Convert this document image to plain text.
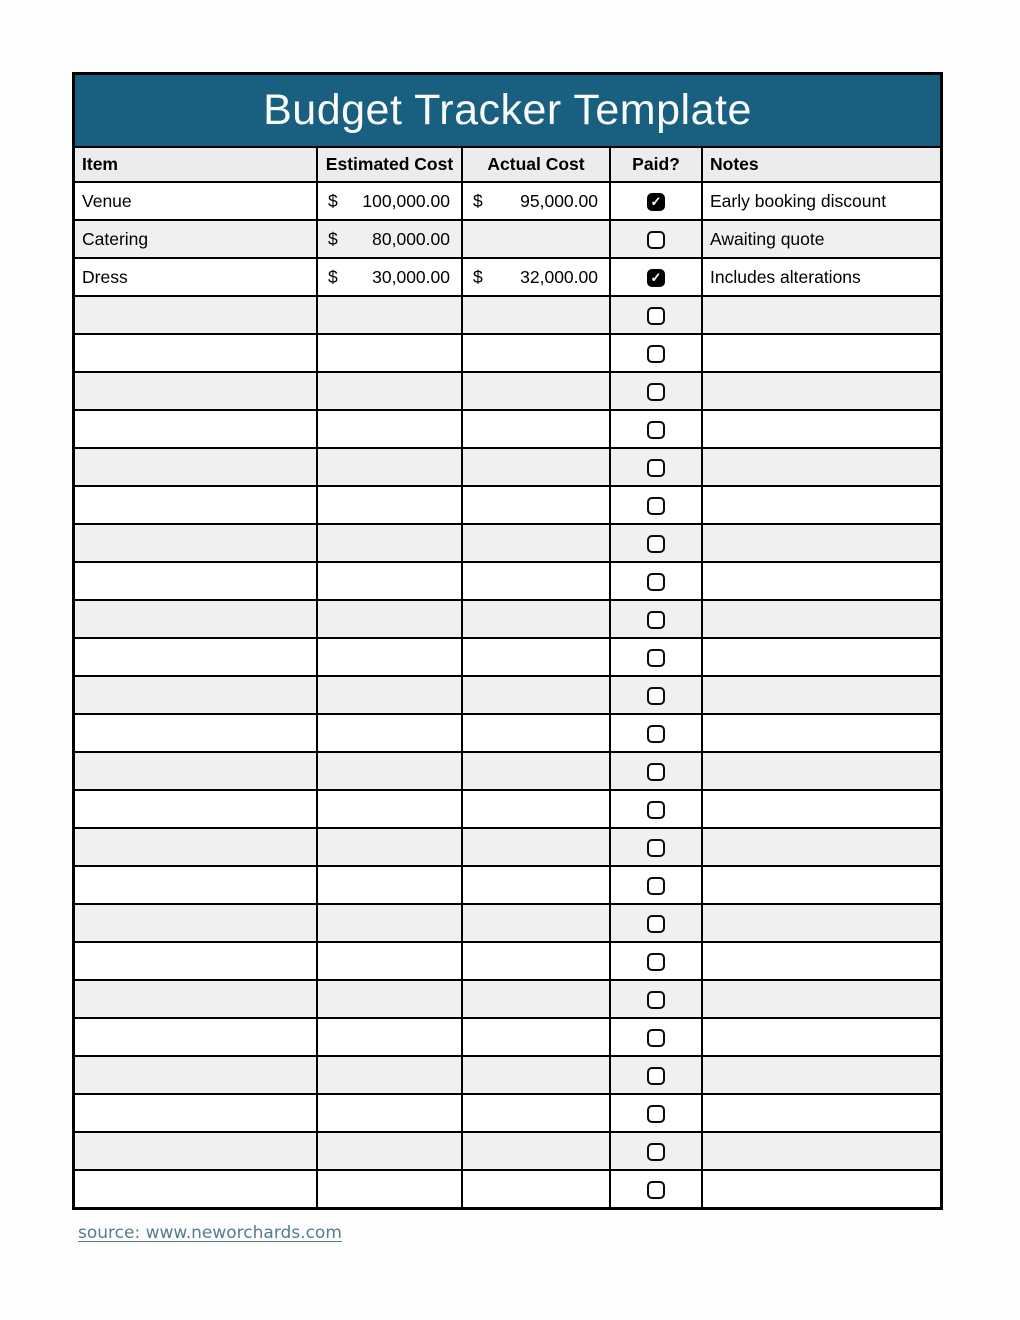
Budget Tracker Template
Item	Estimated Cost	Actual Cost	Paid?	Notes
Venue	$ 100,000.00	$ 95,000.00	✓	Early booking discount
Catering	$ 80,000.00			Awaiting quote
Dress	$ 30,000.00	$ 32,000.00	✓	Includes alterations

source: www.neworchards.com
